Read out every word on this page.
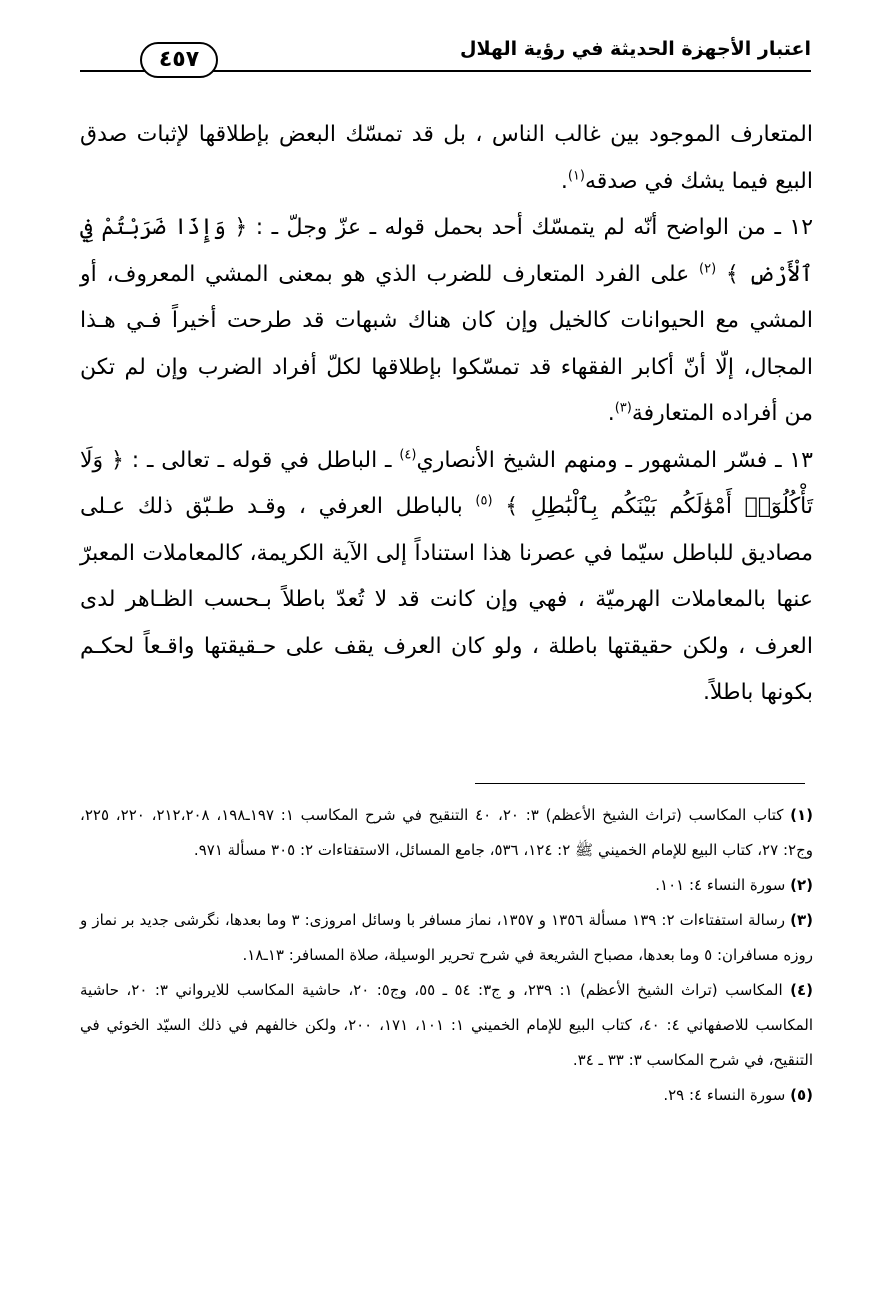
اعتبار الأجهزة الحديثة في رؤية الهلال
٤٥٧

المتعارف الموجود بين غالب الناس ، بل قد تمسّك البعض بإطلاقها لإثبات صدق البيع فيما يشك في صدقه$^{(١)}$.

١٢ ـ من الواضح أنّه لم يتمسّك أحد بحمل قوله ـ عزّ وجلّ ـ : ﴿ وَإِذَا ضَرَبْتُمْ فِي ٱلْأَرْضِ ﴾ $^{(٢)}$ على الفرد المتعارف للضرب الذي هو بمعنى المشي المعروف، أو المشي مع الحيوانات كالخيل وإن كان هناك شبهات قد طرحت أخيراً فـي هـذا المجال، إلّا أنّ أكابر الفقهاء قد تمسّكوا بإطلاقها لكلّ أفراد الضرب وإن لم تكن من أفراده المتعارفة$^{(٣)}$.

١٣ ـ فسّر المشهور ـ ومنهم الشيخ الأنصاري$^{(٤)}$ ـ الباطل في قوله ـ تعالى ـ : ﴿ وَلَا تَأْكُلُوٓا۟ أَمْوَٰلَكُم بَيْنَكُم بِٱلْبَٰطِلِ ﴾ $^{(٥)}$ بالباطل العرفي ، وقـد طـبّق ذلك عـلى مصاديق للباطل سيّما في عصرنا هذا استناداً إلى الآية الكريمة، كالمعاملات المعبرّ عنها بالمعاملات الهرميّة ، فهي وإن كانت قد لا تُعدّ باطلاً بـحسب الظـاهر لدى العرف ، ولكن حقيقتها باطلة ، ولو كان العرف يقف على حـقيقتها واقـعاً لحكـم بكونها باطلاً.

(١) كتاب المكاسب (تراث الشيخ الأعظم) ٣: ٢٠، ٤٠ التنقيح في شرح المكاسب ١: ١٩٧ـ١٩٨، ٢١٢،٢٠٨، ٢٢٠، ٢٢٥، وج٢: ٢٧، كتاب البيع للإمام الخميني ﷺ ٢: ١٢٤، ٥٣٦، جامع المسائل، الاستفتاءات ٢: ٣٠٥ مسألة ٩٧١.

(٢) سورة النساء ٤: ١٠١.

(٣) رسالة استفتاءات ٢: ١٣٩ مسألة ١٣٥٦ و ١٣٥٧، نماز مسافر با وسائل امروزى: ٣ وما بعدها، نگرشى جديد بر نماز و روزه مسافران: ٥ وما بعدها، مصباح الشريعة في شرح تحرير الوسيلة، صلاة المسافر: ١٣ـ١٨.

(٤) المكاسب (تراث الشيخ الأعظم) ١: ٢٣٩، و ج٣: ٥٤ ـ ٥٥، وج٥: ٢٠، حاشية المكاسب للايرواني ٣: ٢٠، حاشية المكاسب للاصفهاني ٤: ٤٠، كتاب البيع للإمام الخميني ١: ١٠١، ١٧١، ٢٠٠، ولكن خالفهم في ذلك السيّد الخوئي في التنقيح، في شرح المكاسب ٣: ٣٣ ـ ٣٤.

(٥) سورة النساء ٤: ٢٩.
